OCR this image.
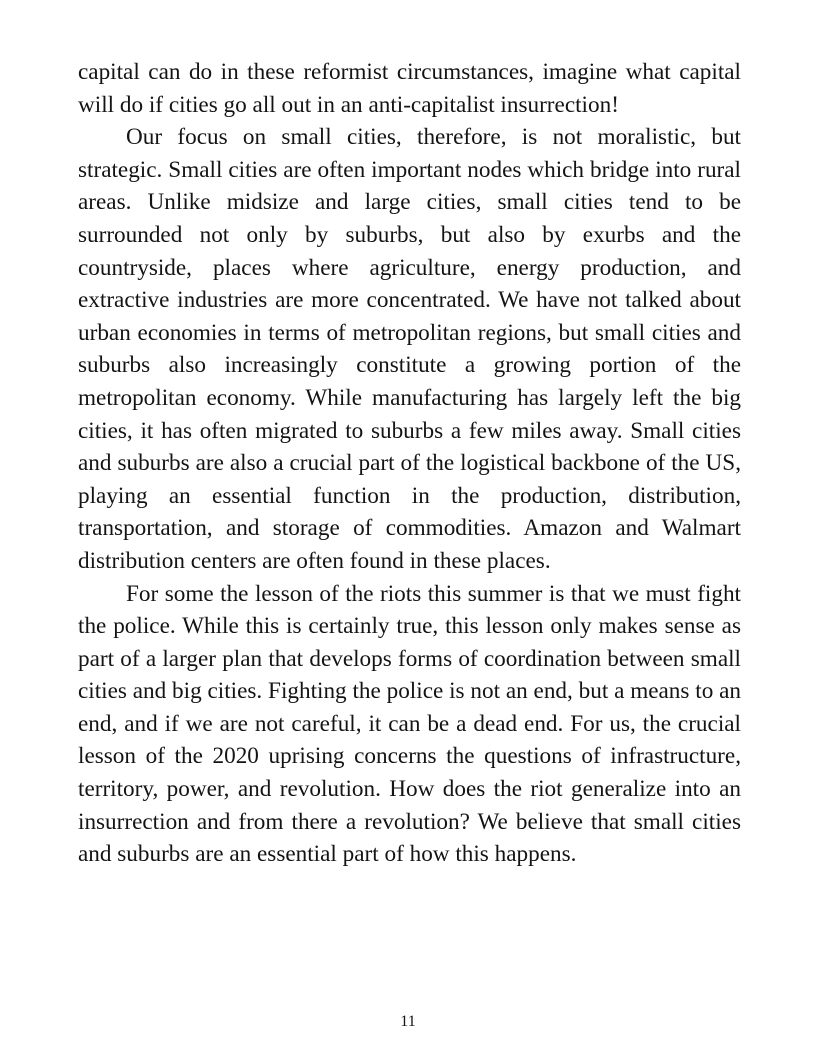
capital can do in these reformist circumstances, imagine what capital will do if cities go all out in an anti-capitalist insurrection!

Our focus on small cities, therefore, is not moralistic, but strategic. Small cities are often important nodes which bridge into rural areas. Unlike midsize and large cities, small cities tend to be surrounded not only by suburbs, but also by exurbs and the countryside, places where agriculture, energy production, and extractive industries are more concentrated. We have not talked about urban economies in terms of metropolitan regions, but small cities and suburbs also increasingly constitute a growing portion of the metropolitan economy. While manufacturing has largely left the big cities, it has often migrated to suburbs a few miles away. Small cities and suburbs are also a crucial part of the logistical backbone of the US, playing an essential function in the production, distribution, transportation, and storage of commodities. Amazon and Walmart distribution centers are often found in these places.

For some the lesson of the riots this summer is that we must fight the police. While this is certainly true, this lesson only makes sense as part of a larger plan that develops forms of coordination between small cities and big cities. Fighting the police is not an end, but a means to an end, and if we are not careful, it can be a dead end. For us, the crucial lesson of the 2020 uprising concerns the questions of infrastructure, territory, power, and revolution. How does the riot generalize into an insurrection and from there a revolution? We believe that small cities and suburbs are an essential part of how this happens.

11
